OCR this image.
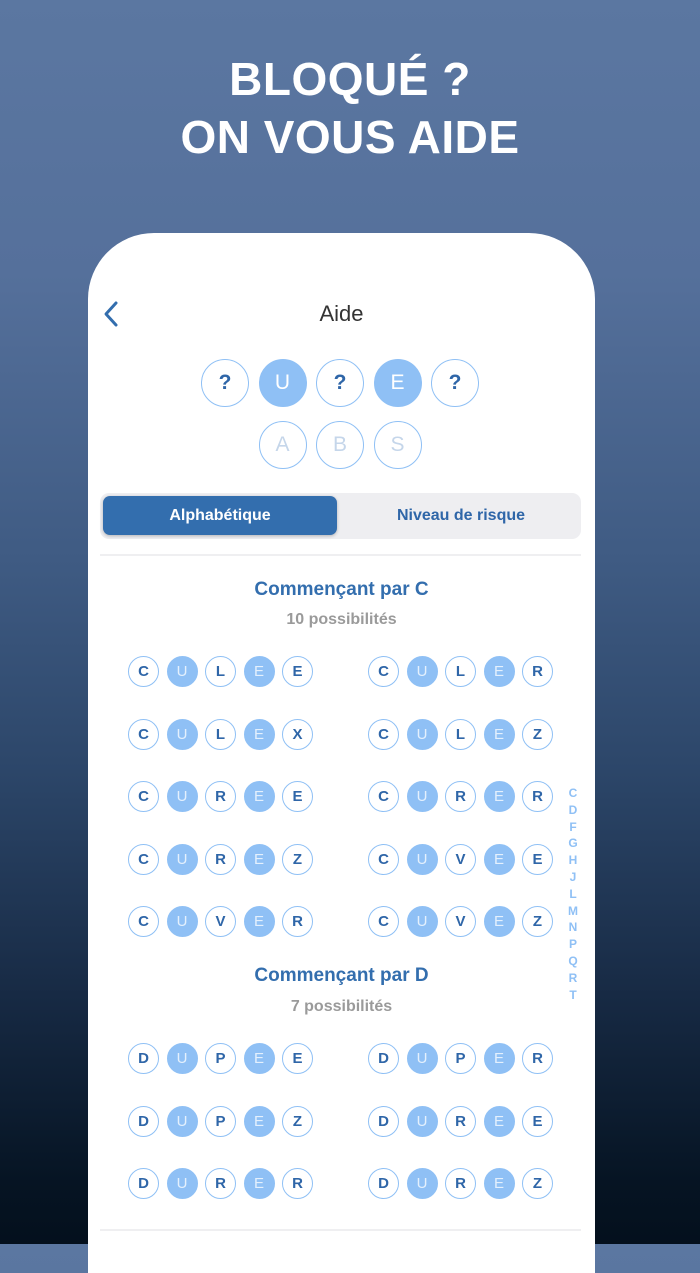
BLOQUÉ ?
ON VOUS AIDE
Aide
?	U	?	E	?
A	B	S
Alphabétique	Niveau de risque
Commençant par C
10 possibilités
C	U	L	E	E	C	U	L	E	R
C	U	L	E	X	C	U	L	E	Z
C	U	R	E	E	C	U	R	E	R
C	U	R	E	Z	C	U	V	E	E
C	U	V	E	R	C	U	V	E	Z
Commençant par D
7 possibilités
D	U	P	E	E	D	U	P	E	R
D	U	P	E	Z	D	U	R	E	E
D	U	R	E	R	D	U	R	E	Z
C
D
F
G
H
J
L
M
N
P
Q
R
T
